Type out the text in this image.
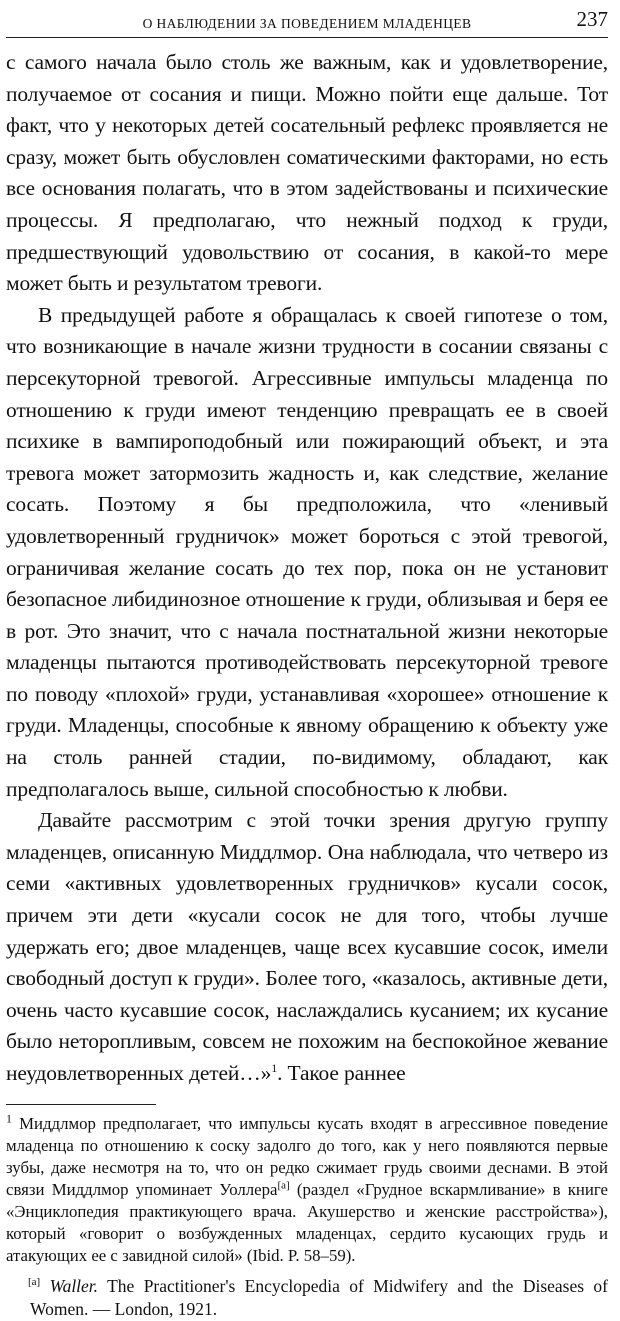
О НАБЛЮДЕНИИ ЗА ПОВЕДЕНИЕМ МЛАДЕНЦЕВ	237

с самого начала было столь же важным, как и удовлетворение, получаемое от сосания и пищи. Можно пойти еще дальше. Тот факт, что у некоторых детей сосательный рефлекс проявляется не сразу, может быть обусловлен соматическими факторами, но есть все основания полагать, что в этом задействованы и психические процессы. Я предполагаю, что нежный подход к груди, предшествующий удовольствию от сосания, в какой-то мере может быть и результатом тревоги.

В предыдущей работе я обращалась к своей гипотезе о том, что возникающие в начале жизни трудности в сосании связаны с персекуторной тревогой. Агрессивные импульсы младенца по отношению к груди имеют тенденцию превращать ее в своей психике в вампироподобный или пожирающий объект, и эта тревога может затормозить жадность и, как следствие, желание сосать. Поэтому я бы предположила, что «ленивый удовлетворенный грудничок» может бороться с этой тревогой, ограничивая желание сосать до тех пор, пока он не установит безопасное либидинозное отношение к груди, облизывая и беря ее в рот. Это значит, что с начала постнатальной жизни некоторые младенцы пытаются противодействовать персекуторной тревоге по поводу «плохой» груди, устанавливая «хорошее» отношение к груди. Младенцы, способные к явному обращению к объекту уже на столь ранней стадии, по-видимому, обладают, как предполагалось выше, сильной способностью к любви.

Давайте рассмотрим с этой точки зрения другую группу младенцев, описанную Миддлмор. Она наблюдала, что четверо из семи «активных удовлетворенных грудничков» кусали сосок, причем эти дети «кусали сосок не для того, чтобы лучше удержать его; двое младенцев, чаще всех кусавшие сосок, имели свободный доступ к груди». Более того, «казалось, активные дети, очень часто кусавшие сосок, наслаждались кусанием; их кусание было неторопливым, совсем не похожим на беспокойное жевание неудовлетворенных детей…»$^1$. Такое раннее

$^1$ Миддлмор предполагает, что импульсы кусать входят в агрессивное поведение младенца по отношению к соску задолго до того, как у него появляются первые зубы, даже несмотря на то, что он редко сжимает грудь своими деснами. В этой связи Миддлмор упоминает Уоллера[a] (раздел «Грудное вскармливание» в книге «Энциклопедия практикующего врача. Акушерство и женские расстройства»), который «говорит о возбужденных младенцах, сердито кусающих грудь и атакующих ее с завидной силой» (Ibid. P. 58–59).
[a] Waller. The Practitioner's Encyclopedia of Midwifery and the Diseases of Women. — London, 1921.
